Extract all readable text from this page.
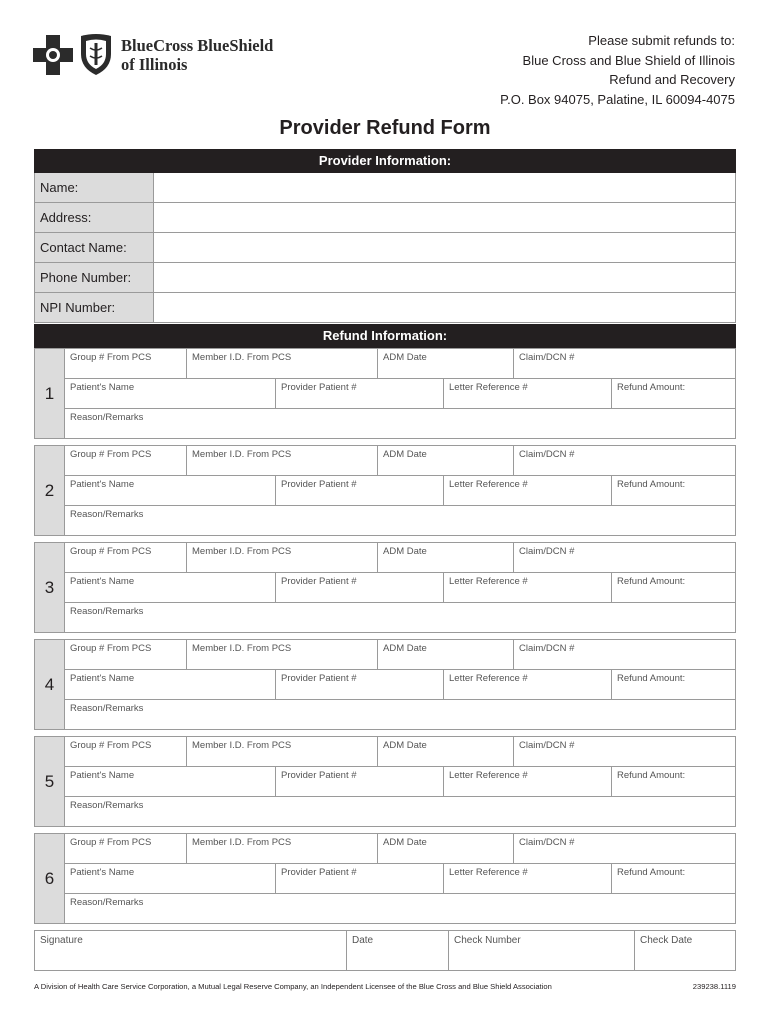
BlueCross BlueShield
of Illinois
Please submit refunds to:
Blue Cross and Blue Shield of Illinois
Refund and Recovery
P.O. Box 94075, Palatine, IL 60094-4075
Provider Refund Form
Provider Information:
Name:
Address:
Contact Name:
Phone Number:
NPI Number:
Refund Information:
1
Group # From PCS	Member I.D. From PCS	ADM Date	Claim/DCN #
Patient's Name	Provider Patient #	Letter Reference #	Refund Amount:
Reason/Remarks
2
Group # From PCS	Member I.D. From PCS	ADM Date	Claim/DCN #
Patient's Name	Provider Patient #	Letter Reference #	Refund Amount:
Reason/Remarks
3
Group # From PCS	Member I.D. From PCS	ADM Date	Claim/DCN #
Patient's Name	Provider Patient #	Letter Reference #	Refund Amount:
Reason/Remarks
4
Group # From PCS	Member I.D. From PCS	ADM Date	Claim/DCN #
Patient's Name	Provider Patient #	Letter Reference #	Refund Amount:
Reason/Remarks
5
Group # From PCS	Member I.D. From PCS	ADM Date	Claim/DCN #
Patient's Name	Provider Patient #	Letter Reference #	Refund Amount:
Reason/Remarks
6
Group # From PCS	Member I.D. From PCS	ADM Date	Claim/DCN #
Patient's Name	Provider Patient #	Letter Reference #	Refund Amount:
Reason/Remarks
Signature	Date	Check Number	Check Date
A Division of Health Care Service Corporation, a Mutual Legal Reserve Company, an Independent Licensee of the Blue Cross and Blue Shield Association	239238.1119
